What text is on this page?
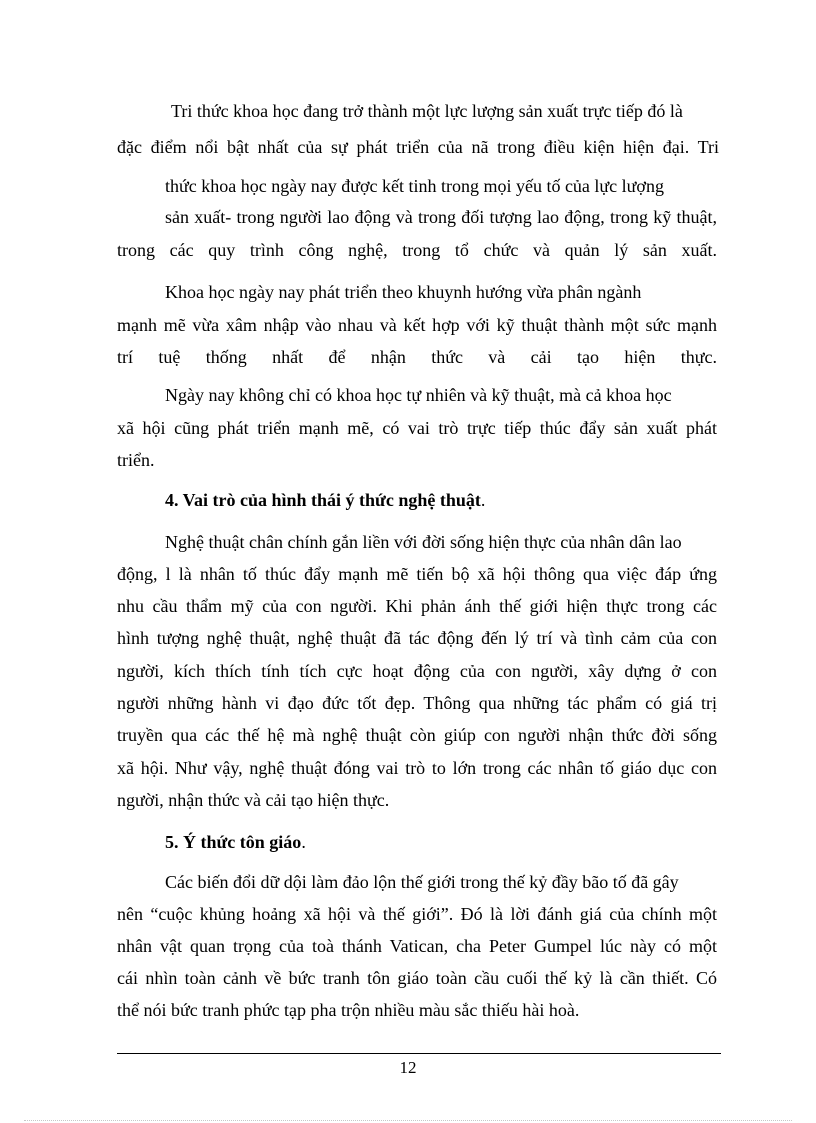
Tri thức khoa học đang trở thành một lực lượng sản xuất trực tiếp đó là
đặc điểm nổi bật nhất của sự phát triển của nã trong điều kiện hiện đại. Tri
thức khoa học ngày nay được kết tinh trong mọi yếu tố của lực lượng
sản xuất- trong người lao động và trong đối tượng lao động, trong kỹ thuật,
trong các quy trình công nghệ, trong tổ chức và quản lý sản xuất.
Khoa học ngày nay phát triển theo khuynh hướng vừa phân ngành
mạnh mẽ vừa xâm nhập vào nhau và kết hợp với kỹ thuật thành một sức mạnh
trí tuệ thống nhất để nhận thức và cải tạo hiện thực.
Ngày nay không chỉ có khoa học tự nhiên và kỹ thuật, mà cả khoa học
xã hội cũng phát triển mạnh mẽ, có vai trò trực tiếp thúc đẩy sản xuất phát
triển.
4. Vai trò của hình thái ý thức nghệ thuật.
Nghệ thuật chân chính gắn liền với đời sống hiện thực của nhân dân lao
động, l là nhân tố thúc đẩy mạnh mẽ tiến bộ xã hội thông qua việc đáp ứng
nhu cầu thẩm mỹ của con người. Khi phản ánh thế giới hiện thực trong các
hình tượng nghệ thuật, nghệ thuật đã tác động đến lý trí và tình cảm của con
người, kích thích tính tích cực hoạt động của con người, xây dựng ở con
người những hành vi đạo đức tốt đẹp. Thông qua những tác phẩm có giá trị
truyền qua các thế hệ mà nghệ thuật còn giúp con người nhận thức đời sống
xã hội. Như vậy, nghệ thuật đóng vai trò to lớn trong các nhân tố giáo dục con
người, nhận thức và cải tạo hiện thực.
5. Ý thức tôn giáo.
Các biến đổi dữ dội làm đảo lộn thế giới trong thế kỷ đầy bão tố đã gây
nên “cuộc khủng hoảng xã hội và thế giới”. Đó là lời đánh giá của chính một
nhân vật quan trọng của toà thánh Vatican, cha Peter Gumpel lúc này có một
cái nhìn toàn cảnh về bức tranh tôn giáo toàn cầu cuối thế kỷ là cần thiết. Có
thể nói bức tranh phức tạp pha trộn nhiều màu sắc thiếu hài hoà.
12
